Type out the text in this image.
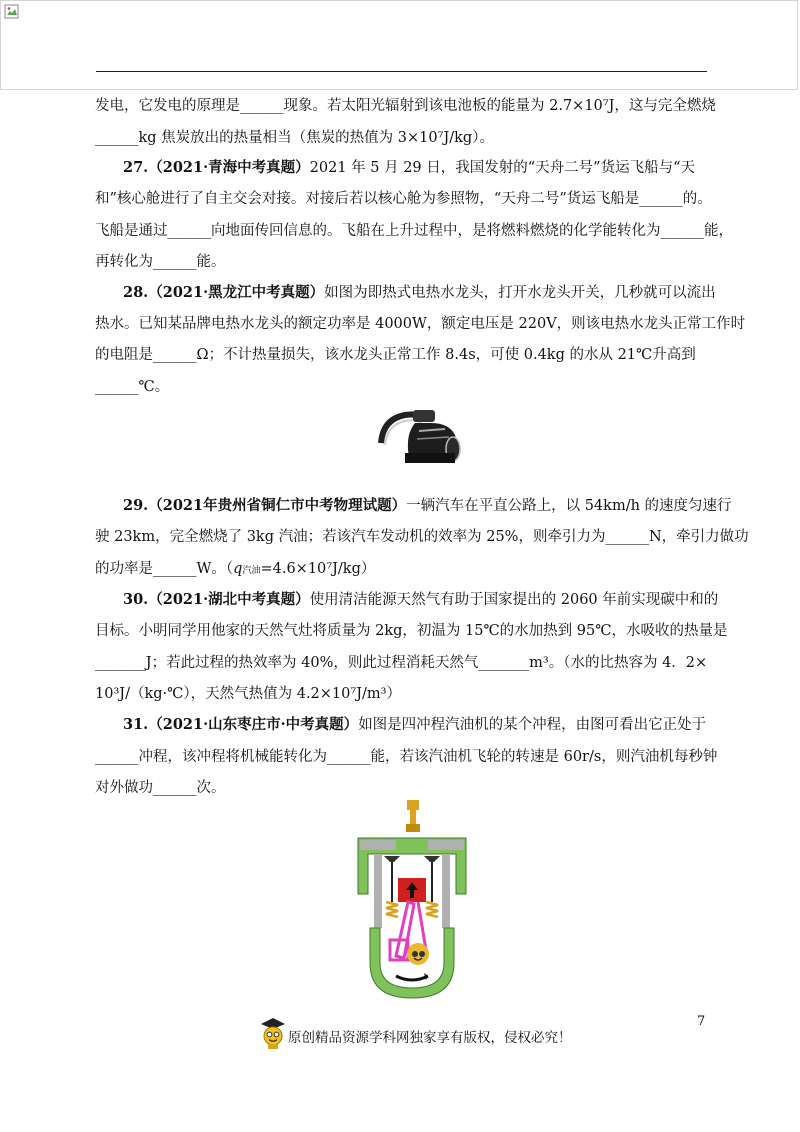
发电，它发电的原理是______现象。若太阳光辐射到该电池板的能量为 2.7×10⁷J，这与完全燃烧
______kg 焦炭放出的热量相当（焦炭的热值为 3×10⁷J/kg）。
27.（2021·青海中考真题）2021 年 5 月 29 日，我国发射的“天舟二号”货运飞船与“天
和”核心舱进行了自主交会对接。对接后若以核心舱为参照物，“天舟二号”货运飞船是______的。
飞船是通过______向地面传回信息的。飞船在上升过程中，是将燃料燃烧的化学能转化为______能，
再转化为______能。
28.（2021·黑龙江中考真题）如图为即热式电热水龙头，打开水龙头开关，几秒就可以流出
热水。已知某品牌电热水龙头的额定功率是 4000W，额定电压是 220V，则该电热水龙头正常工作时
的电阻是______Ω；不计热量损失，该水龙头正常工作 8.4s，可使 0.4kg 的水从 21℃升高到
______℃。
29.（2021年贵州省铜仁市中考物理试题）一辆汽车在平直公路上，以 54km/h 的速度匀速行
驶 23km，完全燃烧了 3kg 汽油；若该汽车发动机的效率为 25%，则牵引力为______N，牵引力做功
的功率是______W。（q汽油=4.6×10⁷J/kg）
30.（2021·湖北中考真题）使用清洁能源天然气有助于国家提出的 2060 年前实现碳中和的
目标。小明同学用他家的天然气灶将质量为 2kg，初温为 15℃的水加热到 95℃，水吸收的热量是
_______J；若此过程的热效率为 40%，则此过程消耗天然气_______m³。（水的比热容为 4．2×
10³J/（kg·℃），天然气热值为 4.2×10⁷J/m³）
31.（2021·山东枣庄市·中考真题）如图是四冲程汽油机的某个冲程，由图可看出它正处于
______冲程，该冲程将机械能转化为______能，若该汽油机飞轮的转速是 60r/s，则汽油机每秒钟
对外做功______次。
7
原创精品资源学科网独家享有版权，侵权必究！
